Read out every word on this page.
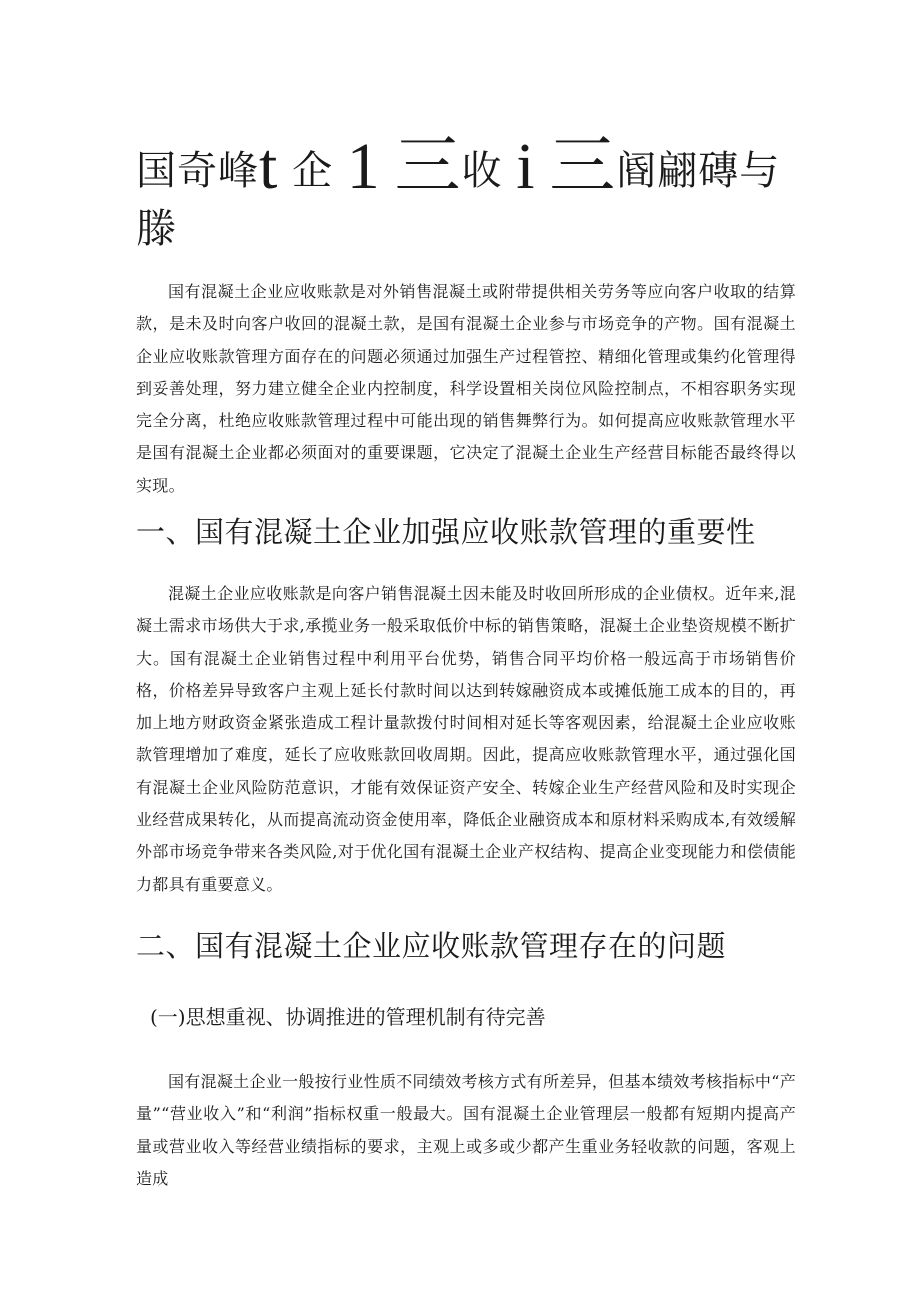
国奇峰t 企 1 三收 i 三阍翩磚与
滕

国有混凝土企业应收账款是对外销售混凝土或附带提供相关劳务等应向客户收取的结算款，是未及时向客户收回的混凝土款，是国有混凝土企业参与市场竞争的产物。国有混凝土企业应收账款管理方面存在的问题必须通过加强生产过程管控、精细化管理或集约化管理得到妥善处理，努力建立健全企业内控制度，科学设置相关岗位风险控制点，不相容职务实现完全分离，杜绝应收账款管理过程中可能出现的销售舞弊行为。如何提高应收账款管理水平是国有混凝土企业都必须面对的重要课题，它决定了混凝土企业生产经营目标能否最终得以实现。

一、国有混凝土企业加强应收账款管理的重要性

混凝土企业应收账款是向客户销售混凝土因未能及时收回所形成的企业债权。近年来,混凝土需求市场供大于求,承揽业务一般采取低价中标的销售策略，混凝土企业垫资规模不断扩大。国有混凝土企业销售过程中利用平台优势，销售合同平均价格一般远高于市场销售价格，价格差异导致客户主观上延长付款时间以达到转嫁融资成本或摊低施工成本的目的，再加上地方财政资金紧张造成工程计量款拨付时间相对延长等客观因素，给混凝土企业应收账款管理增加了难度，延长了应收账款回收周期。因此，提高应收账款管理水平，通过强化国有混凝土企业风险防范意识，才能有效保证资产安全、转嫁企业生产经营风险和及时实现企业经营成果转化，从而提高流动资金使用率，降低企业融资成本和原材料采购成本,有效缓解外部市场竞争带来各类风险,对于优化国有混凝土企业产权结构、提高企业变现能力和偿债能力都具有重要意义。

二、国有混凝土企业应收账款管理存在的问题
(一)思想重视、协调推进的管理机制有待完善

国有混凝土企业一般按行业性质不同绩效考核方式有所差异，但基本绩效考核指标中“产量”“营业收入”和“利润”指标权重一般最大。国有混凝土企业管理层一般都有短期内提高产量或营业收入等经营业绩指标的要求，主观上或多或少都产生重业务轻收款的问题，客观上造成
